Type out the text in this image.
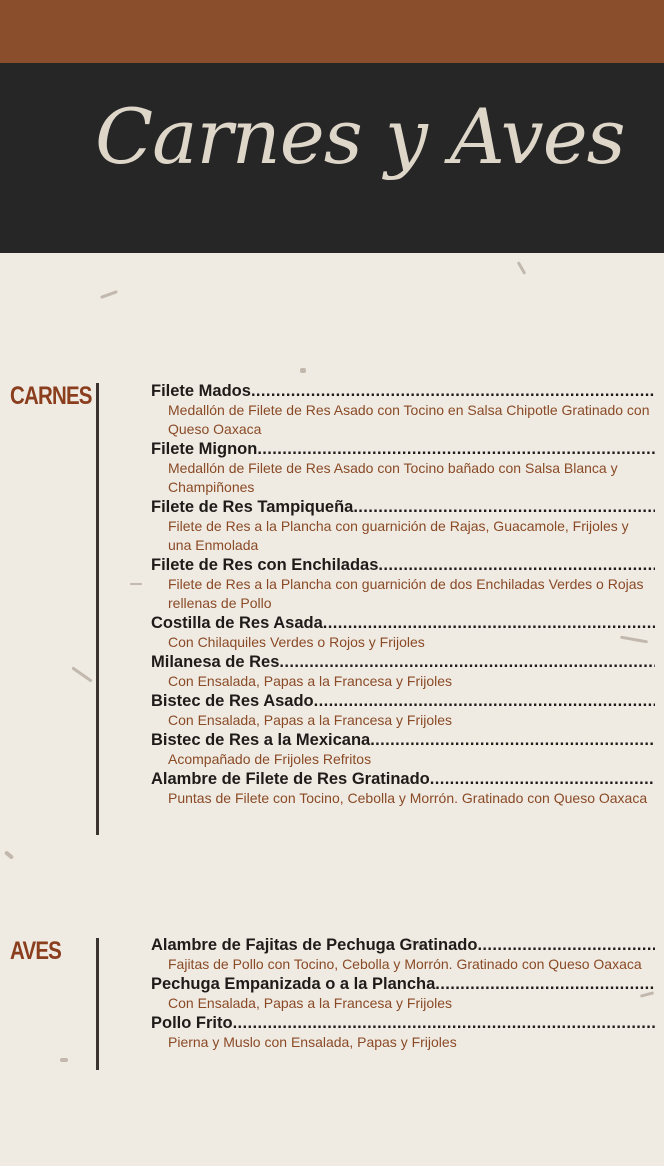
Carnes y Aves
CARNES	Filete Mados
.....
Medallón de Filete de Res Asado con Tocino en Salsa Chipotle Gratinado con Queso Oaxaca
Filete Mignon
.....
Medallón de Filete de Res Asado con Tocino bañado con Salsa Blanca y Champiñones
Filete de Res Tampiqueña
.....
Filete de Res a la Plancha con guarnición de Rajas, Guacamole, Frijoles y una Enmolada
Filete de Res con Enchiladas
.....
Filete de Res a la Plancha con guarnición de dos Enchiladas Verdes o Rojas rellenas de Pollo
Costilla de Res Asada
.....
Con Chilaquiles Verdes o Rojos y Frijoles
Milanesa de Res
.....
Con Ensalada, Papas a la Francesa y Frijoles
Bistec de Res Asado
.....
Con Ensalada, Papas a la Francesa y Frijoles
Bistec de Res a la Mexicana
.....
Acompañado de Frijoles Refritos
Alambre de Filete de Res Gratinado
.....
Puntas de Filete con Tocino, Cebolla y Morrón. Gratinado con Queso Oaxaca
AVES	Alambre de Fajitas de Pechuga Gratinado
.....
Fajitas de Pollo con Tocino, Cebolla y Morrón. Gratinado con Queso Oaxaca
Pechuga Empanizada o a la Plancha
.....
Con Ensalada, Papas a la Francesa y Frijoles
Pollo Frito
.....
Pierna y Muslo con Ensalada, Papas y Frijoles
